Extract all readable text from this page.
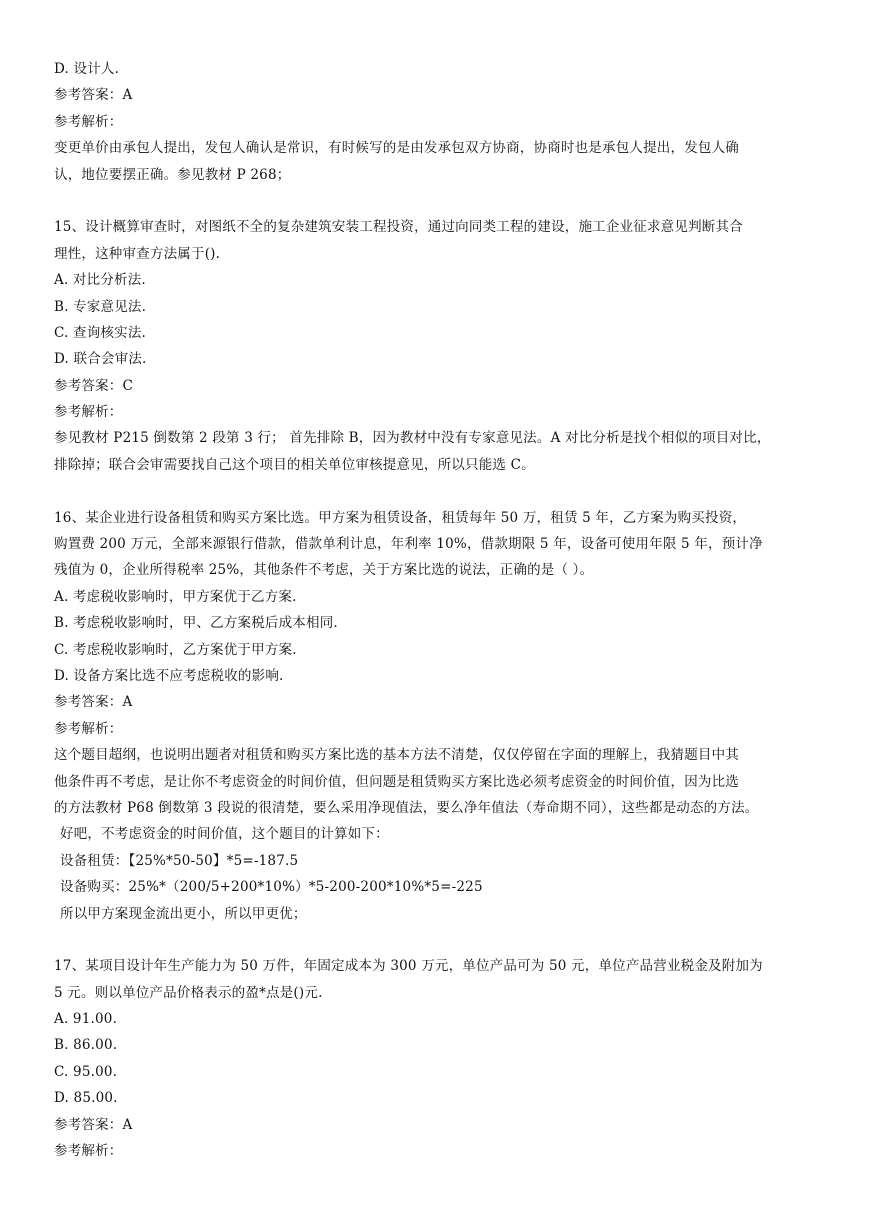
D. 设计人.
参考答案：A
参考解析：
变更单价由承包人提出，发包人确认是常识，有时候写的是由发承包双方协商，协商时也是承包人提出，发包人确
认，地位要摆正确。参见教材 P 268；
15、设计概算审查时，对图纸不全的复杂建筑安装工程投资，通过向同类工程的建设，施工企业征求意见判断其合
理性，这种审查方法属于().
A. 对比分析法.
B. 专家意见法.
C. 查询核实法.
D. 联合会审法.
参考答案：C
参考解析：
参见教材 P215 倒数第 2 段第 3 行； 首先排除 B，因为教材中没有专家意见法。A 对比分析是找个相似的项目对比，
排除掉；联合会审需要找自己这个项目的相关单位审核提意见，所以只能选 C。
16、某企业进行设备租赁和购买方案比选。甲方案为租赁设备，租赁每年 50 万，租赁 5 年，乙方案为购买投资，
购置费 200 万元，全部来源银行借款，借款单利计息，年利率 10%，借款期限 5 年，设备可使用年限 5 年，预计净
残值为 0，企业所得税率 25%，其他条件不考虑，关于方案比选的说法，正确的是（ ）。
A. 考虑税收影响时，甲方案优于乙方案.
B. 考虑税收影响时，甲、乙方案税后成本相同.
C. 考虑税收影响时，乙方案优于甲方案.
D. 设备方案比选不应考虑税收的影响.
参考答案：A
参考解析：
这个题目超纲，也说明出题者对租赁和购买方案比选的基本方法不清楚，仅仅停留在字面的理解上，我猜题目中其
他条件再不考虑，是让你不考虑资金的时间价值，但问题是租赁购买方案比选必须考虑资金的时间价值，因为比选
的方法教材 P68 倒数第 3 段说的很清楚，要么采用净现值法，要么净年值法（寿命期不同），这些都是动态的方法。
好吧，不考虑资金的时间价值，这个题目的计算如下：
设备租赁：【25%*50-50】*5=-187.5
设备购买：25%*（200/5+200*10%）*5-200-200*10%*5=-225
所以甲方案现金流出更小，所以甲更优；
17、某项目设计年生产能力为 50 万件，年固定成本为 300 万元，单位产品可为 50 元，单位产品营业税金及附加为
5 元。则以单位产品价格表示的盈*点是()元.
A. 91.00.
B. 86.00.
C. 95.00.
D. 85.00.
参考答案：A
参考解析：
